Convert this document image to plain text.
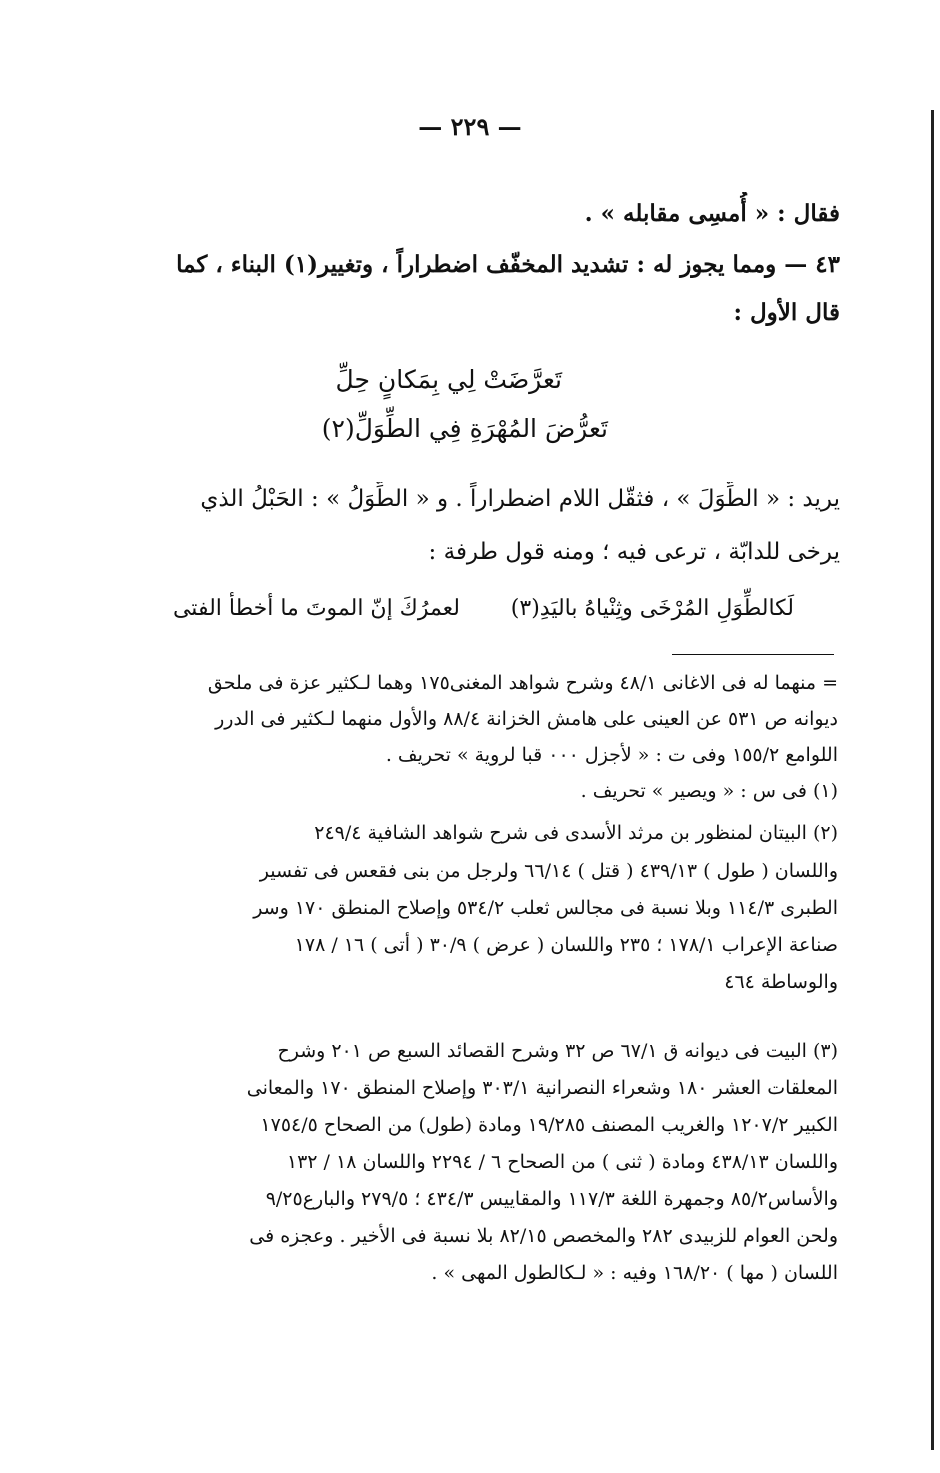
— ٢٢٩ —
فقال : « أُمسِى مقابله » .
٤٣ — ومما يجوز له : تشديد المخفّف اضطراراً ، وتغيير(١) البناء ، كما
قال الأول :
تَعرَّضَتْ لِي بِمَكانٍ حِلِّ
تَعرُّضَ المُهْرَةِ فِي الطِّوَلِّ(٢)
يريد : « الطِّوَلَ » ، فثقّل اللام اضطراراً . و « الطِّوَلُ » : الحَبْلُ الذي
يرخى للدابّة ، ترعى فيه ؛ ومنه قول طرفة :
لعمرُكَ إنّ الموتَ ما أخطأ الفتى لَكالطِّوَلِ المُرْخَى وثِنْياهُ باليَدِ(٣)
= منهما له فى الاغانى ٤٨/١ وشرح شواهد المغنى١٧٥ وهما لـكثير عزة فى ملحق
ديوانه ص ٥٣١ عن العينى على هامش الخزانة ٨٨/٤ والأول منهما لـكثير فى الدرر
اللوامع ١٥٥/٢ وفى ت : « لأجزل ٠٠٠ قبا لروية » تحريف .
(١) فى س : « ويصير » تحريف .
(٢) البيتان لمنظور بن مرثد الأسدى فى شرح شواهد الشافية ٢٤٩/٤
واللسان ( طول ) ٤٣٩/١٣ ( قتل ) ٦٦/١٤ ولرجل من بنى فقعس فى تفسير
الطبرى ١١٤/٣ وبلا نسبة فى مجالس ثعلب ٥٣٤/٢ وإصلاح المنطق ١٧٠ وسر
صناعة الإعراب ١٧٨/١ ؛ ٢٣٥ واللسان ( عرض ) ٣٠/٩ ( أتى ) ١٦ / ١٧٨
والوساطة ٤٦٤
(٣) البيت فى ديوانه ق ٦٧/١ ص ٣٢ وشرح القصائد السبع ص ٢٠١ وشرح
المعلقات العشر ١٨٠ وشعراء النصرانية ٣٠٣/١ وإصلاح المنطق ١٧٠ والمعانى
الكبير ١٢٠٧/٢ والغريب المصنف ١٩/٢٨٥ ومادة (طول) من الصحاح ١٧٥٤/٥
واللسان ٤٣٨/١٣ ومادة ( ثنى ) من الصحاح ٦ / ٢٢٩٤ واللسان ١٨ / ١٣٢
والأساس٨٥/٢ وجمهرة اللغة ١١٧/٣ والمقاييس ٤٣٤/٣ ؛ ٢٧٩/٥ والبارع٩/٢٥
ولحن العوام للزبيدى ٢٨٢ والمخصص ٨٢/١٥ بلا نسبة فى الأخير . وعجزه فى
اللسان ( مها ) ١٦٨/٢٠ وفيه : « لـكالطول المهى » .
